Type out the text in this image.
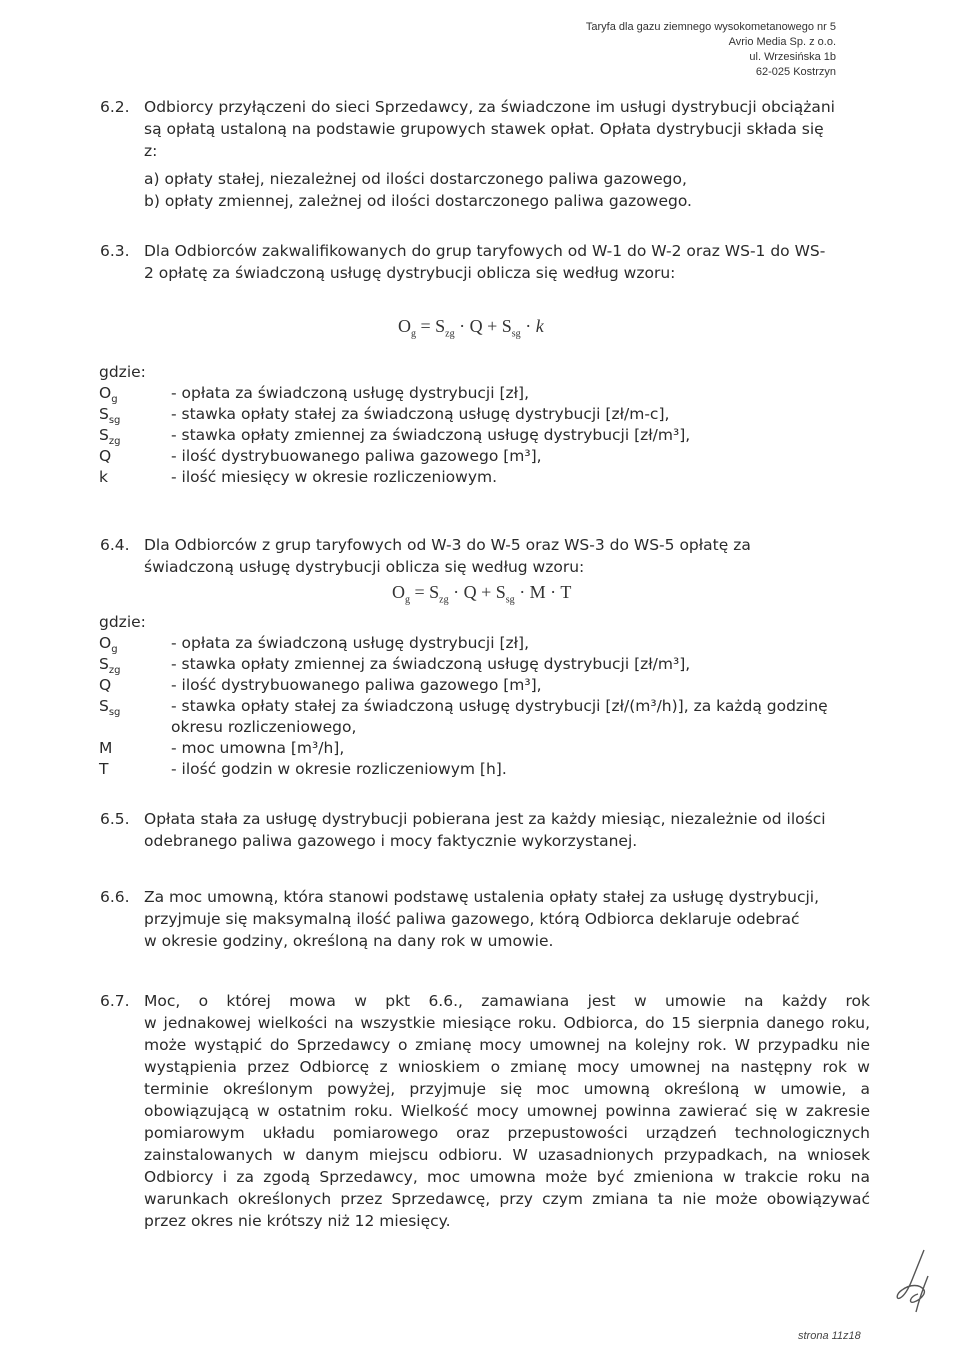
Taryfa dla gazu ziemnego wysokometanowego nr 5
Avrio Media Sp. z o.o.
ul. Wrzesińska 1b
62-025 Kostrzyn
6.2. Odbiorcy przyłączeni do sieci Sprzedawcy, za świadczone im usługi dystrybucji obciążani
są opłatą ustaloną na podstawie grupowych stawek opłat. Opłata dystrybucji składa się
z:
a) opłaty stałej, niezależnej od ilości dostarczonego paliwa gazowego,
b) opłaty zmiennej, zależnej od ilości dostarczonego paliwa gazowego.
6.3. Dla Odbiorców zakwalifikowanych do grup taryfowych od W-1 do W-2 oraz WS-1 do WS-
2 opłatę za świadczoną usługę dystrybucji oblicza się według wzoru:
$O_g = S_{zg} \cdot Q + S_{sg} \cdot k$
gdzie:
$O_g$	- opłata za świadczoną usługę dystrybucji [zł],
$S_{sg}$	- stawka opłaty stałej za świadczoną usługę dystrybucji [zł/m-c],
$S_{zg}$	- stawka opłaty zmiennej za świadczoną usługę dystrybucji [zł/m³],
Q	- ilość dystrybuowanego paliwa gazowego [m³],
k	- ilość miesięcy w okresie rozliczeniowym.
6.4. Dla Odbiorców z grup taryfowych od W-3 do W-5 oraz WS-3 do WS-5 opłatę za
świadczoną usługę dystrybucji oblicza się według wzoru:
$O_g = S_{zg} \cdot Q + S_{sg} \cdot M \cdot T$
gdzie:
$O_g$	- opłata za świadczoną usługę dystrybucji [zł],
$S_{zg}$	- stawka opłaty zmiennej za świadczoną usługę dystrybucji [zł/m³],
Q	- ilość dystrybuowanego paliwa gazowego [m³],
$S_{sg}$	- stawka opłaty stałej za świadczoną usługę dystrybucji [zł/(m³/h)], za każdą godzinę okresu rozliczeniowego,
M	- moc umowna [m³/h],
T	- ilość godzin w okresie rozliczeniowym [h].
6.5. Opłata stała za usługę dystrybucji pobierana jest za każdy miesiąc, niezależnie od ilości
odebranego paliwa gazowego i mocy faktycznie wykorzystanej.
6.6. Za moc umowną, która stanowi podstawę ustalenia opłaty stałej za usługę dystrybucji,
przyjmuje się maksymalną ilość paliwa gazowego, którą Odbiorca deklaruje odebrać
w okresie godziny, określoną na dany rok w umowie.
6.7. Moc, o której mowa w pkt 6.6., zamawiana jest w umowie na każdy rok
w jednakowej wielkości na wszystkie miesiące roku. Odbiorca, do 15 sierpnia danego roku, może wystąpić do Sprzedawcy o zmianę mocy umownej na kolejny rok. W przypadku nie wystąpienia przez Odbiorcę z wnioskiem o zmianę mocy umownej na następny rok w terminie określonym powyżej, przyjmuje się moc umowną określoną w umowie, a obowiązującą w ostatnim roku. Wielkość mocy umownej powinna zawierać się w zakresie pomiarowym układu pomiarowego oraz przepustowości urządzeń technologicznych zainstalowanych w danym miejscu odbioru. W uzasadnionych przypadkach, na wniosek Odbiorcy i za zgodą Sprzedawcy, moc umowna może być zmieniona w trakcie roku na warunkach określonych przez Sprzedawcę, przy czym zmiana ta nie może obowiązywać przez okres nie krótszy niż 12 miesięcy.
strona 11z18
